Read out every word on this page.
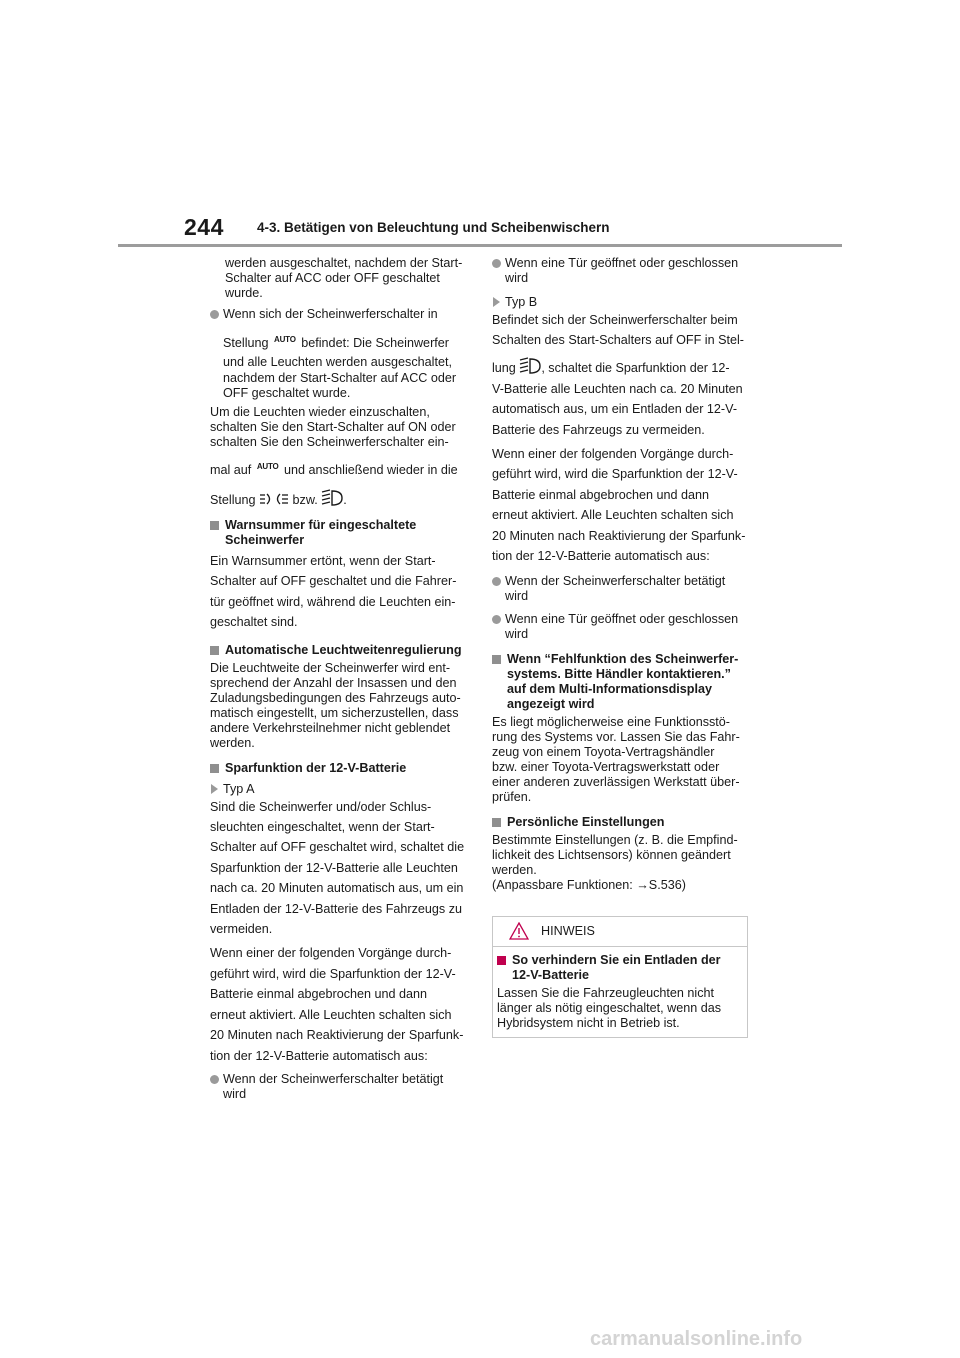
244 4-3. Betätigen von Beleuchtung und Scheibenwischern
werden ausgeschaltet, nachdem der Start-
Schalter auf ACC oder OFF geschaltet
wurde.
Wenn sich der Scheinwerferschalter in
Stellung $^{AUTO}$ befindet: Die Scheinwerfer
und alle Leuchten werden ausgeschaltet,
nachdem der Start-Schalter auf ACC oder
OFF geschaltet wurde.
Um die Leuchten wieder einzuschalten,
schalten Sie den Start-Schalter auf ON oder
schalten Sie den Scheinwerferschalter ein-
mal auf $^{AUTO}$ und anschließend wieder in die
Stellung	bzw. .
Warnsummer für eingeschaltete
Scheinwerfer
Ein Warnsummer ertönt, wenn der Start-
Schalter auf OFF geschaltet und die Fahrer-
tür geöffnet wird, während die Leuchten ein-
geschaltet sind.
Automatische Leuchtweitenregulierung
Die Leuchtweite der Scheinwerfer wird ent-
sprechend der Anzahl der Insassen und den
Zuladungsbedingungen des Fahrzeugs auto-
matisch eingestellt, um sicherzustellen, dass
andere Verkehrsteilnehmer nicht geblendet
werden.
Sparfunktion der 12-V-Batterie
Typ A
Sind die Scheinwerfer und/oder Schlus-
sleuchten eingeschaltet, wenn der Start-
Schalter auf OFF geschaltet wird, schaltet die
Sparfunktion der 12-V-Batterie alle Leuchten
nach ca. 20 Minuten automatisch aus, um ein
Entladen der 12-V-Batterie des Fahrzeugs zu
vermeiden.
Wenn einer der folgenden Vorgänge durch-
geführt wird, wird die Sparfunktion der 12-V-
Batterie einmal abgebrochen und dann
erneut aktiviert. Alle Leuchten schalten sich
20 Minuten nach Reaktivierung der Sparfunk-
tion der 12-V-Batterie automatisch aus:
Wenn der Scheinwerferschalter betätigt
wird
Wenn eine Tür geöffnet oder geschlossen
wird
Typ B
Befindet sich der Scheinwerferschalter beim
Schalten des Start-Schalters auf OFF in Stel-
lung , schaltet die Sparfunktion der 12-
V-Batterie alle Leuchten nach ca. 20 Minuten
automatisch aus, um ein Entladen der 12-V-
Batterie des Fahrzeugs zu vermeiden.
Wenn einer der folgenden Vorgänge durch-
geführt wird, wird die Sparfunktion der 12-V-
Batterie einmal abgebrochen und dann
erneut aktiviert. Alle Leuchten schalten sich
20 Minuten nach Reaktivierung der Sparfunk-
tion der 12-V-Batterie automatisch aus:
Wenn der Scheinwerferschalter betätigt
wird
Wenn eine Tür geöffnet oder geschlossen
wird
Wenn “Fehlfunktion des Scheinwerfer-
systems. Bitte Händler kontaktieren.”
auf dem Multi-Informationsdisplay
angezeigt wird
Es liegt möglicherweise eine Funktionsstö-
rung des Systems vor. Lassen Sie das Fahr-
zeug von einem Toyota-Vertragshändler
bzw. einer Toyota-Vertragswerkstatt oder
einer anderen zuverlässigen Werkstatt über-
prüfen.
Persönliche Einstellungen
Bestimmte Einstellungen (z. B. die Empfind-
lichkeit des Lichtsensors) können geändert
werden.
(Anpassbare Funktionen: →S.536)
HINWEIS
So verhindern Sie ein Entladen der
12-V-Batterie
Lassen Sie die Fahrzeugleuchten nicht
länger als nötig eingeschaltet, wenn das
Hybridsystem nicht in Betrieb ist.
carmanualsonline.info
